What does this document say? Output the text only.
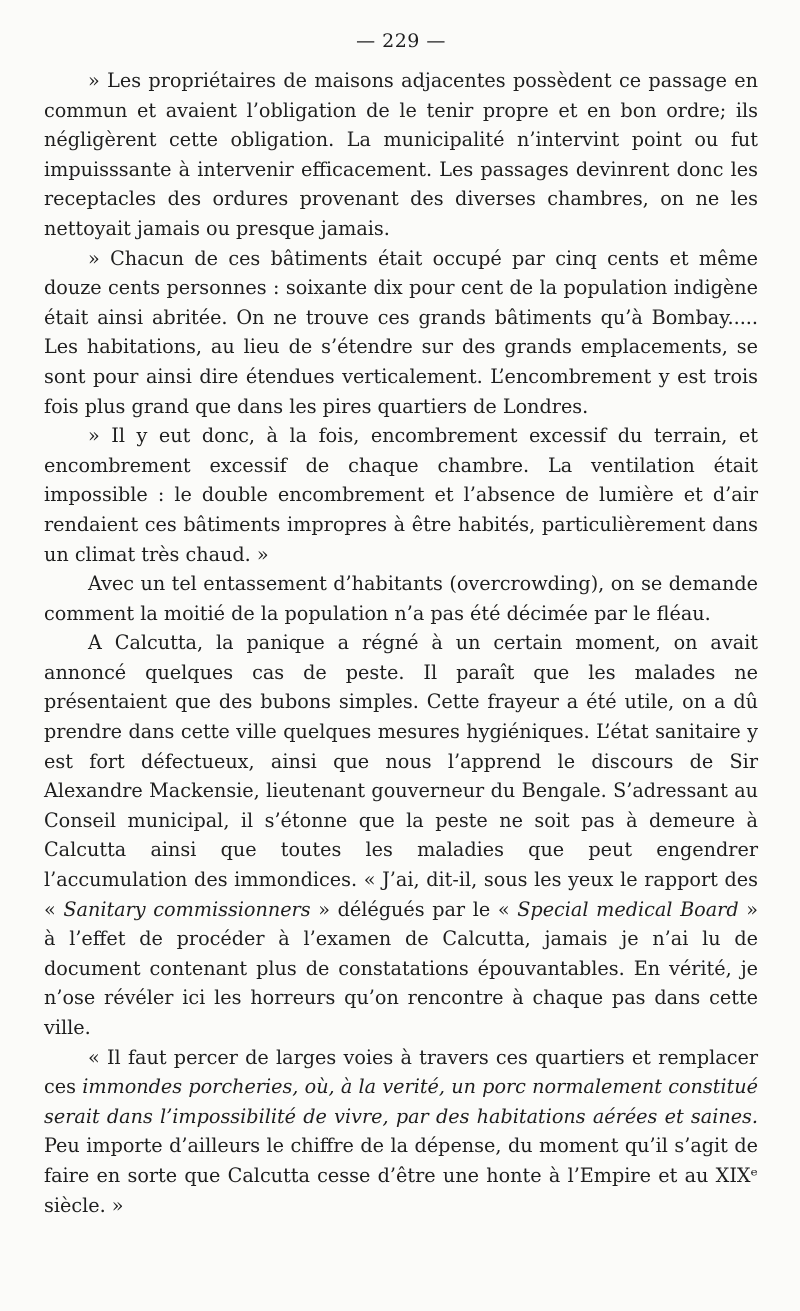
— 229 —

» Les propriétaires de maisons adjacentes possèdent ce passage en commun et avaient l’obligation de le tenir propre et en bon ordre; ils négligèrent cette obligation. La municipalité n’intervint point ou fut impuisssante à intervenir efficacement. Les passages devinrent donc les receptacles des ordures provenant des diverses chambres, on ne les nettoyait jamais ou presque jamais.

» Chacun de ces bâtiments était occupé par cinq cents et même douze cents personnes : soixante dix pour cent de la population indigène était ainsi abritée. On ne trouve ces grands bâtiments qu’à Bombay..... Les habitations, au lieu de s’étendre sur des grands emplacements, se sont pour ainsi dire étendues verticalement. L’encombrement y est trois fois plus grand que dans les pires quartiers de Londres.

» Il y eut donc, à la fois, encombrement excessif du terrain, et encombrement excessif de chaque chambre. La ventilation était impossible : le double encombrement et l’absence de lumière et d’air rendaient ces bâtiments impropres à être habités, particulièrement dans un climat très chaud. »

Avec un tel entassement d’habitants (overcrowding), on se demande comment la moitié de la population n’a pas été décimée par le fléau.

A Calcutta, la panique a régné à un certain moment, on avait annoncé quelques cas de peste. Il paraît que les malades ne présentaient que des bubons simples. Cette frayeur a été utile, on a dû prendre dans cette ville quelques mesures hygiéniques. L’état sanitaire y est fort défectueux, ainsi que nous l’apprend le discours de Sir Alexandre Mackensie, lieutenant gouverneur du Bengale. S’adressant au Conseil municipal, il s’étonne que la peste ne soit pas à demeure à Calcutta ainsi que toutes les maladies que peut engendrer l’accumulation des immondices. « J’ai, dit-il, sous les yeux le rapport des « Sanitary commissionners » délégués par le « Special medical Board » à l’effet de procéder à l’examen de Calcutta, jamais je n’ai lu de document contenant plus de constatations épouvantables. En vérité, je n’ose révéler ici les horreurs qu’on rencontre à chaque pas dans cette ville.

« Il faut percer de larges voies à travers ces quartiers et remplacer ces immondes porcheries, où, à la verité, un porc normalement constitué serait dans l’impossibilité de vivre, par des habitations aérées et saines. Peu importe d’ailleurs le chiffre de la dépense, du moment qu’il s’agit de faire en sorte que Calcutta cesse d’être une honte à l’Empire et au XIXᵉ siècle. »
